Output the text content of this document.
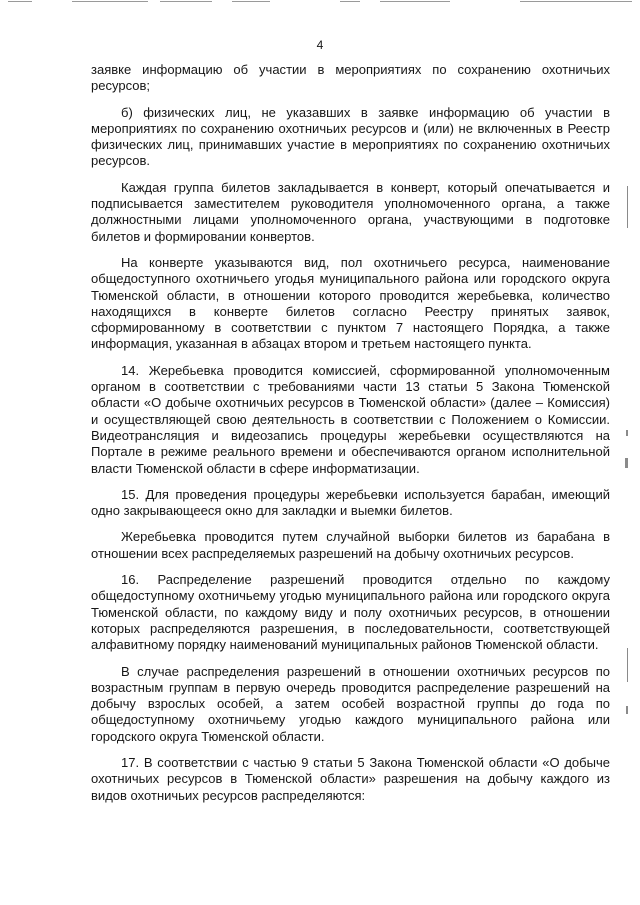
4

заявке информацию об участии в мероприятиях по сохранению охотничьих ресурсов;

б) физических лиц, не указавших в заявке информацию об участии в мероприятиях по сохранению охотничьих ресурсов и (или) не включенных в Реестр физических лиц, принимавших участие в мероприятиях по сохранению охотничьих ресурсов.

Каждая группа билетов закладывается в конверт, который опечатывается и подписывается заместителем руководителя уполномоченного органа, а также должностными лицами уполномоченного органа, участвующими в подготовке билетов и формировании конвертов.

На конверте указываются вид, пол охотничьего ресурса, наименование общедоступного охотничьего угодья муниципального района или городского округа Тюменской области, в отношении которого проводится жеребьевка, количество находящихся в конверте билетов согласно Реестру принятых заявок, сформированному в соответствии с пунктом 7 настоящего Порядка, а также информация, указанная в абзацах втором и третьем настоящего пункта.

14. Жеребьевка проводится комиссией, сформированной уполномоченным органом в соответствии с требованиями части 13 статьи 5 Закона Тюменской области «О добыче охотничьих ресурсов в Тюменской области» (далее – Комиссия) и осуществляющей свою деятельность в соответствии с Положением о Комиссии. Видеотрансляция и видеозапись процедуры жеребьевки осуществляются на Портале в режиме реального времени и обеспечиваются органом исполнительной власти Тюменской области в сфере информатизации.

15. Для проведения процедуры жеребьевки используется барабан, имеющий одно закрывающееся окно для закладки и выемки билетов.

Жеребьевка проводится путем случайной выборки билетов из барабана в отношении всех распределяемых разрешений на добычу охотничьих ресурсов.

16. Распределение разрешений проводится отдельно по каждому общедоступному охотничьему угодью муниципального района или городского округа Тюменской области, по каждому виду и полу охотничьих ресурсов, в отношении которых распределяются разрешения, в последовательности, соответствующей алфавитному порядку наименований муниципальных районов Тюменской области.

В случае распределения разрешений в отношении охотничьих ресурсов по возрастным группам в первую очередь проводится распределение разрешений на добычу взрослых особей, а затем особей возрастной группы до года по общедоступному охотничьему угодью каждого муниципального района или городского округа Тюменской области.

17. В соответствии с частью 9 статьи 5 Закона Тюменской области «О добыче охотничьих ресурсов в Тюменской области» разрешения на добычу каждого из видов охотничьих ресурсов распределяются:
